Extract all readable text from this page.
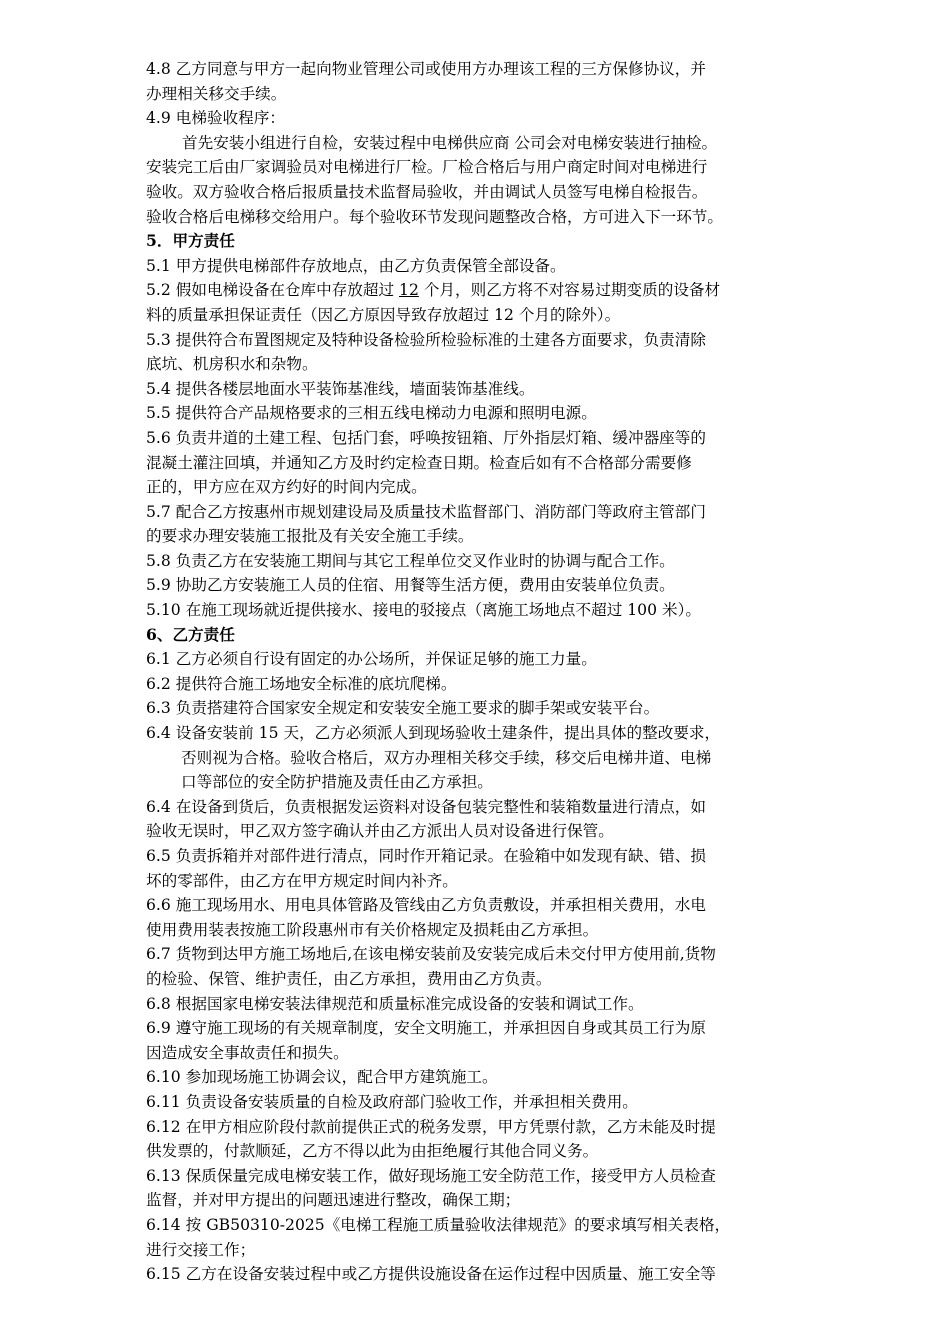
4.8 乙方同意与甲方一起向物业管理公司或使用方办理该工程的三方保修协议，并
办理相关移交手续。
4.9 电梯验收程序：
首先安装小组进行自检，安装过程中电梯供应商 公司会对电梯安装进行抽检。
安装完工后由厂家调验员对电梯进行厂检。厂检合格后与用户商定时间对电梯进行
验收。双方验收合格后报质量技术监督局验收，并由调试人员签写电梯自检报告。
验收合格后电梯移交给用户。每个验收环节发现问题整改合格，方可进入下一环节。
5．甲方责任
5.1 甲方提供电梯部件存放地点，由乙方负责保管全部设备。
5.2 假如电梯设备在仓库中存放超过 12 个月，则乙方将不对容易过期变质的设备材
料的质量承担保证责任（因乙方原因导致存放超过 12 个月的除外）。
5.3 提供符合布置图规定及特种设备检验所检验标准的土建各方面要求，负责清除
底坑、机房积水和杂物。
5.4 提供各楼层地面水平装饰基准线，墙面装饰基准线。
5.5 提供符合产品规格要求的三相五线电梯动力电源和照明电源。
5.6 负责井道的土建工程、包括门套，呼唤按钮箱、厅外指层灯箱、缓冲器座等的
混凝土灌注回填，并通知乙方及时约定检查日期。检查后如有不合格部分需要修
正的，甲方应在双方约好的时间内完成。
5.7 配合乙方按惠州市规划建设局及质量技术监督部门、消防部门等政府主管部门
的要求办理安装施工报批及有关安全施工手续。
5.8 负责乙方在安装施工期间与其它工程单位交叉作业时的协调与配合工作。
5.9 协助乙方安装施工人员的住宿、用餐等生活方便，费用由安装单位负责。
5.10 在施工现场就近提供接水、接电的驳接点（离施工场地点不超过 100 米）。
6、乙方责任
6.1 乙方必须自行设有固定的办公场所，并保证足够的施工力量。
6.2 提供符合施工场地安全标准的底坑爬梯。
6.3 负责搭建符合国家安全规定和安装安全施工要求的脚手架或安装平台。
6.4 设备安装前 15 天，乙方必须派人到现场验收土建条件，提出具体的整改要求，
否则视为合格。验收合格后，双方办理相关移交手续，移交后电梯井道、电梯
口等部位的安全防护措施及责任由乙方承担。
6.4 在设备到货后，负责根据发运资料对设备包装完整性和装箱数量进行清点，如
验收无误时，甲乙双方签字确认并由乙方派出人员对设备进行保管。
6.5 负责拆箱并对部件进行清点，同时作开箱记录。在验箱中如发现有缺、错、损
坏的零部件，由乙方在甲方规定时间内补齐。
6.6 施工现场用水、用电具体管路及管线由乙方负责敷设，并承担相关费用，水电
使用费用装表按施工阶段惠州市有关价格规定及损耗由乙方承担。
6.7 货物到达甲方施工场地后,在该电梯安装前及安装完成后未交付甲方使用前,货物
的检验、保管、维护责任，由乙方承担，费用由乙方负责。
6.8 根据国家电梯安装法律规范和质量标准完成设备的安装和调试工作。
6.9 遵守施工现场的有关规章制度，安全文明施工，并承担因自身或其员工行为原
因造成安全事故责任和损失。
6.10 参加现场施工协调会议，配合甲方建筑施工。
6.11 负责设备安装质量的自检及政府部门验收工作，并承担相关费用。
6.12 在甲方相应阶段付款前提供正式的税务发票，甲方凭票付款，乙方未能及时提
供发票的，付款顺延，乙方不得以此为由拒绝履行其他合同义务。
6.13 保质保量完成电梯安装工作，做好现场施工安全防范工作，接受甲方人员检查
监督，并对甲方提出的问题迅速进行整改，确保工期；
6.14 按 GB50310-2025《电梯工程施工质量验收法律规范》的要求填写相关表格，
进行交接工作；
6.15 乙方在设备安装过程中或乙方提供设施设备在运作过程中因质量、施工安全等
